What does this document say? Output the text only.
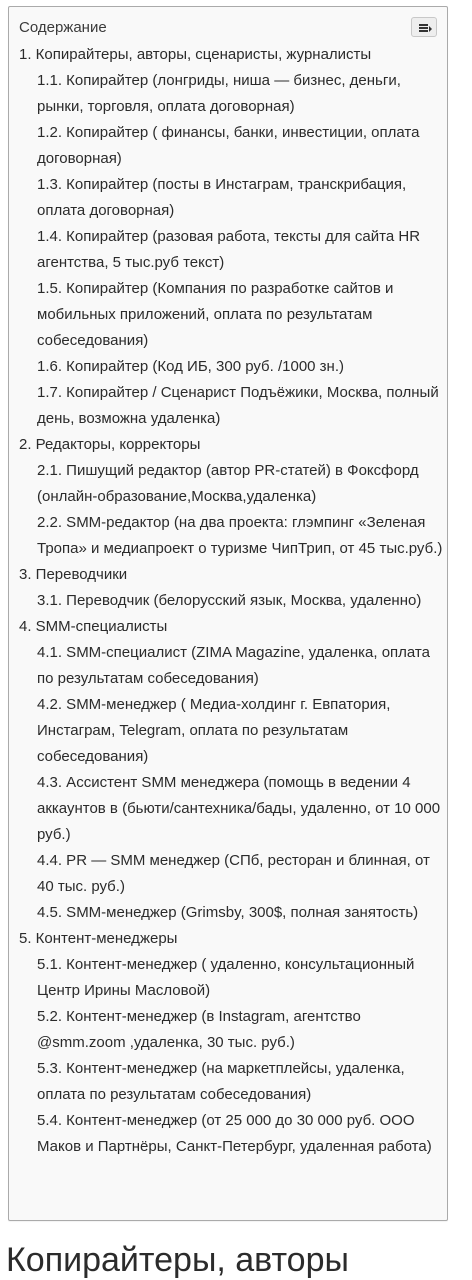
Содержание
1. Копирайтеры, авторы, сценаристы, журналисты
1.1. Копирайтер (лонгриды, ниша — бизнес, деньги, рынки, торговля, оплата договорная)
1.2. Копирайтер ( финансы, банки, инвестиции, оплата договорная)
1.3. Копирайтер (посты в Инстаграм, транскрибация, оплата договорная)
1.4. Копирайтер (разовая работа, тексты для сайта HR агентства, 5 тыс.руб текст)
1.5. Копирайтер (Компания по разработке сайтов и мобильных приложений, оплата по результатам собеседования)
1.6. Копирайтер (Код ИБ, 300 руб. /1000 зн.)
1.7. Копирайтер / Сценарист Подъёжики, Москва, полный день, возможна удаленка)
2. Редакторы, корректоры
2.1. Пишущий редактор (автор PR-статей) в Фоксфорд (онлайн-образование,Москва,удаленка)
2.2. SMM-редактор (на два проекта: глэмпинг «Зеленая Тропа» и медиапроект о туризме ЧипТрип, от 45 тыс.руб.)
3. Переводчики
3.1. Переводчик (белорусский язык, Москва, удаленно)
4. SMM-специалисты
4.1. SMM-специалист (ZIMA Magazine, удаленка, оплата по результатам собеседования)
4.2. SMM-менеджер ( Медиа-холдинг г. Евпатория, Инстаграм, Telegram, оплата по результатам собеседования)
4.3. Ассистент SMM менеджера (помощь в ведении 4 аккаунтов в (бьюти/сантехника/бады, удаленно, от 10 000 руб.)
4.4. PR — SMM менеджер (СПб, ресторан и блинная, от 40 тыс. руб.)
4.5. SMM-менеджер (Grimsby, 300$, полная занятость)
5. Контент-менеджеры
5.1. Контент-менеджер ( удаленно, консультационный Центр Ирины Масловой)
5.2. Контент-менеджер (в Instagram, агентство @smm.zoom ,удаленка, 30 тыс. руб.)
5.3. Контент-менеджер (на маркетплейсы, удаленка, оплата по результатам собеседования)
5.4. Контент-менеджер (от 25 000 до 30 000 руб. ООО Маков и Партнёры, Санкт-Петербург, удаленная работа)
Копирайтеры, авторы
